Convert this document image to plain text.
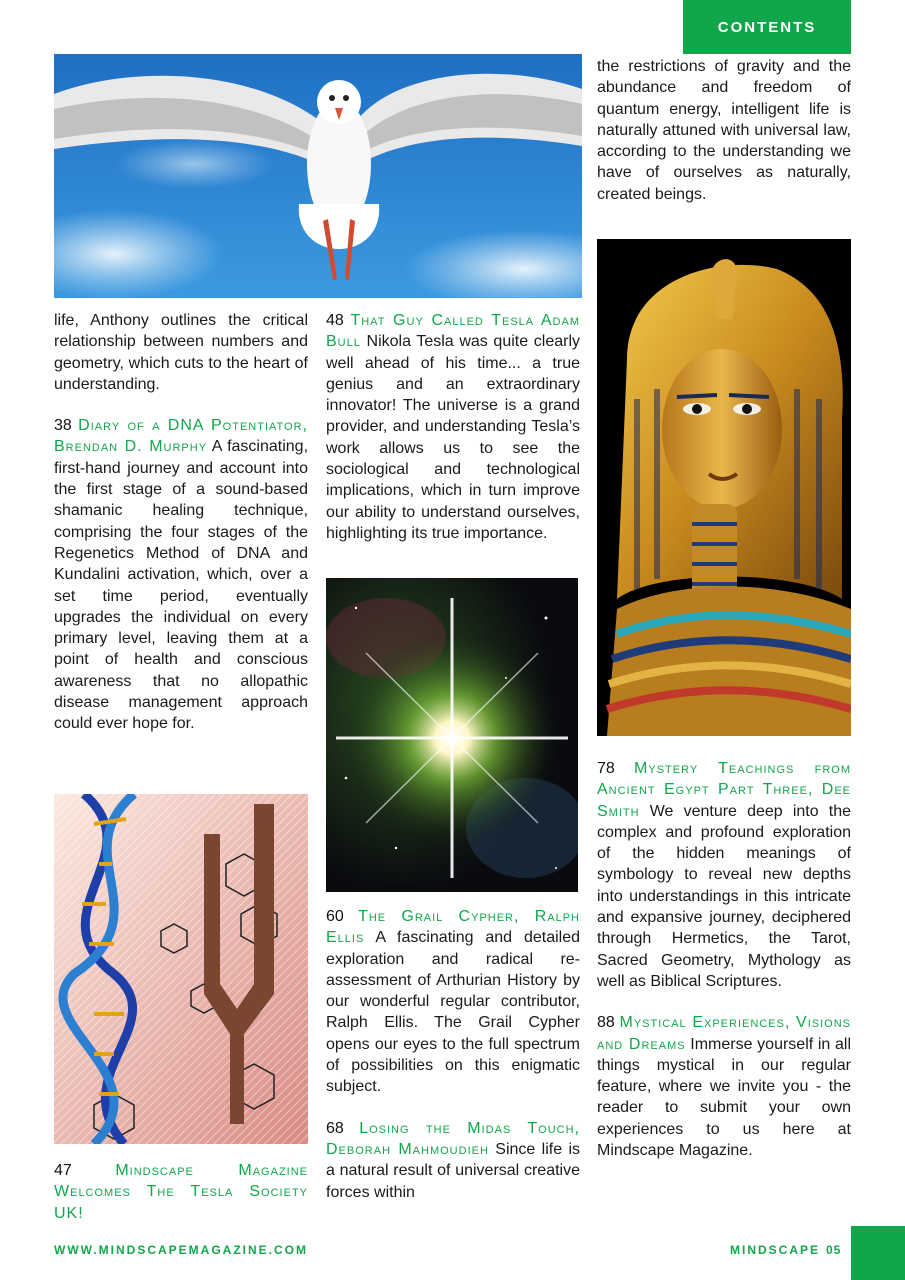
CONTENTS

the restrictions of gravity and the abundance and freedom of quantum energy, intelligent life is naturally attuned with universal law, according to the understanding we have of ourselves as naturally, created beings.

life, Anthony outlines the critical relationship between numbers and geometry, which cuts to the heart of understanding.

38 Diary of a DNA Potentiator, Brendan D. Murphy A fascinating, first-hand journey and account into the first stage of a sound-based shamanic healing technique, comprising the four stages of the Regenetics Method of DNA and Kundalini activation, which, over a set time period, eventually upgrades the individual on every primary level, leaving them at a point of health and conscious awareness that no allopathic disease management approach could ever hope for.

47	Mindscape Magazine Welcomes The Tesla Society UK!

48 That Guy Called Tesla Adam Bull Nikola Tesla was quite clearly well ahead of his time... a true genius and an extraordinary innovator! The universe is a grand provider, and understanding Tesla’s work allows us to see the sociological and technological implications, which in turn improve our ability to understand ourselves, highlighting its true importance.

60 The Grail Cypher, Ralph Ellis A fascinating and detailed exploration and radical re-assessment of Arthurian History by our wonderful regular contributor, Ralph Ellis. The Grail Cypher opens our eyes to the full spectrum of possibilities on this enigmatic subject.

68 Losing the Midas Touch, Deborah Mahmoudieh Since life is a natural result of universal creative forces within

78 Mystery Teachings from Ancient Egypt Part Three, Dee Smith We venture deep into the complex and profound exploration of the hidden meanings of symbology to reveal new depths into understandings in this intricate and expansive journey, deciphered through Hermetics, the Tarot, Sacred Geometry, Mythology as well as Biblical Scriptures.

88 Mystical Experiences, Visions and Dreams Immerse yourself in all things mystical in our regular feature, where we invite you - the reader to submit your own experiences to us here at Mindscape Magazine.

WWW.MINDSCAPEMAGAZINE.COM	MINDSCAPE 05
